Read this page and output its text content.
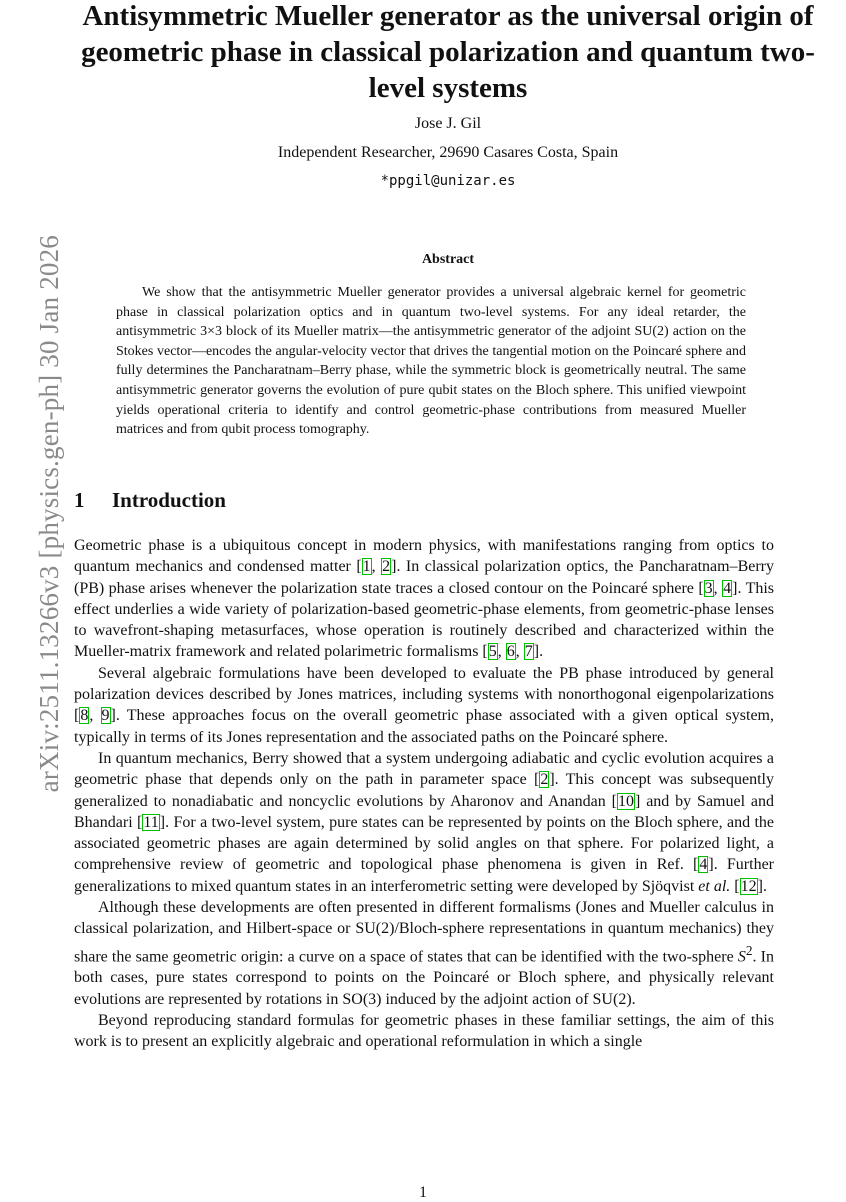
arXiv:2511.13266v3 [physics.gen-ph] 30 Jan 2026
Antisymmetric Mueller generator as the universal origin of geometric phase in classical polarization and quantum two-level systems

Jose J. Gil

Independent Researcher, 29690 Casares Costa, Spain

*ppgil@unizar.es

Abstract

We show that the antisymmetric Mueller generator provides a universal algebraic kernel for geometric phase in classical polarization optics and in quantum two-level systems. For any ideal retarder, the antisymmetric 3×3 block of its Mueller matrix—the antisymmetric generator of the adjoint SU(2) action on the Stokes vector—encodes the angular-velocity vector that drives the tangential motion on the Poincaré sphere and fully determines the Pancharatnam–Berry phase, while the symmetric block is geometrically neutral. The same antisymmetric generator governs the evolution of pure qubit states on the Bloch sphere. This unified viewpoint yields operational criteria to identify and control geometric-phase contributions from measured Mueller matrices and from qubit process tomography.

1 Introduction

Geometric phase is a ubiquitous concept in modern physics, with manifestations ranging from optics to quantum mechanics and condensed matter [1, 2]. In classical polarization optics, the Pancharatnam–Berry (PB) phase arises whenever the polarization state traces a closed contour on the Poincaré sphere [3, 4]. This effect underlies a wide variety of polarization-based geometric-phase elements, from geometric-phase lenses to wavefront-shaping metasurfaces, whose operation is routinely described and characterized within the Mueller-matrix framework and related polarimetric formalisms [5, 6, 7].

Several algebraic formulations have been developed to evaluate the PB phase introduced by general polarization devices described by Jones matrices, including systems with nonorthogonal eigenpolarizations [8, 9]. These approaches focus on the overall geometric phase associated with a given optical system, typically in terms of its Jones representation and the associated paths on the Poincaré sphere.

In quantum mechanics, Berry showed that a system undergoing adiabatic and cyclic evolution acquires a geometric phase that depends only on the path in parameter space [2]. This concept was subsequently generalized to nonadiabatic and noncyclic evolutions by Aharonov and Anandan [10] and by Samuel and Bhandari [11]. For a two-level system, pure states can be represented by points on the Bloch sphere, and the associated geometric phases are again determined by solid angles on that sphere. For polarized light, a comprehensive review of geometric and topological phase phenomena is given in Ref. [4]. Further generalizations to mixed quantum states in an interferometric setting were developed by Sjöqvist et al. [12].

Although these developments are often presented in different formalisms (Jones and Mueller calculus in classical polarization, and Hilbert-space or SU(2)/Bloch-sphere representations in quantum mechanics) they share the same geometric origin: a curve on a space of states that can be identified with the two-sphere $S^2$. In both cases, pure states correspond to points on the Poincaré or Bloch sphere, and physically relevant evolutions are represented by rotations in SO(3) induced by the adjoint action of SU(2).

Beyond reproducing standard formulas for geometric phases in these familiar settings, the aim of this work is to present an explicitly algebraic and operational reformulation in which a single

1
